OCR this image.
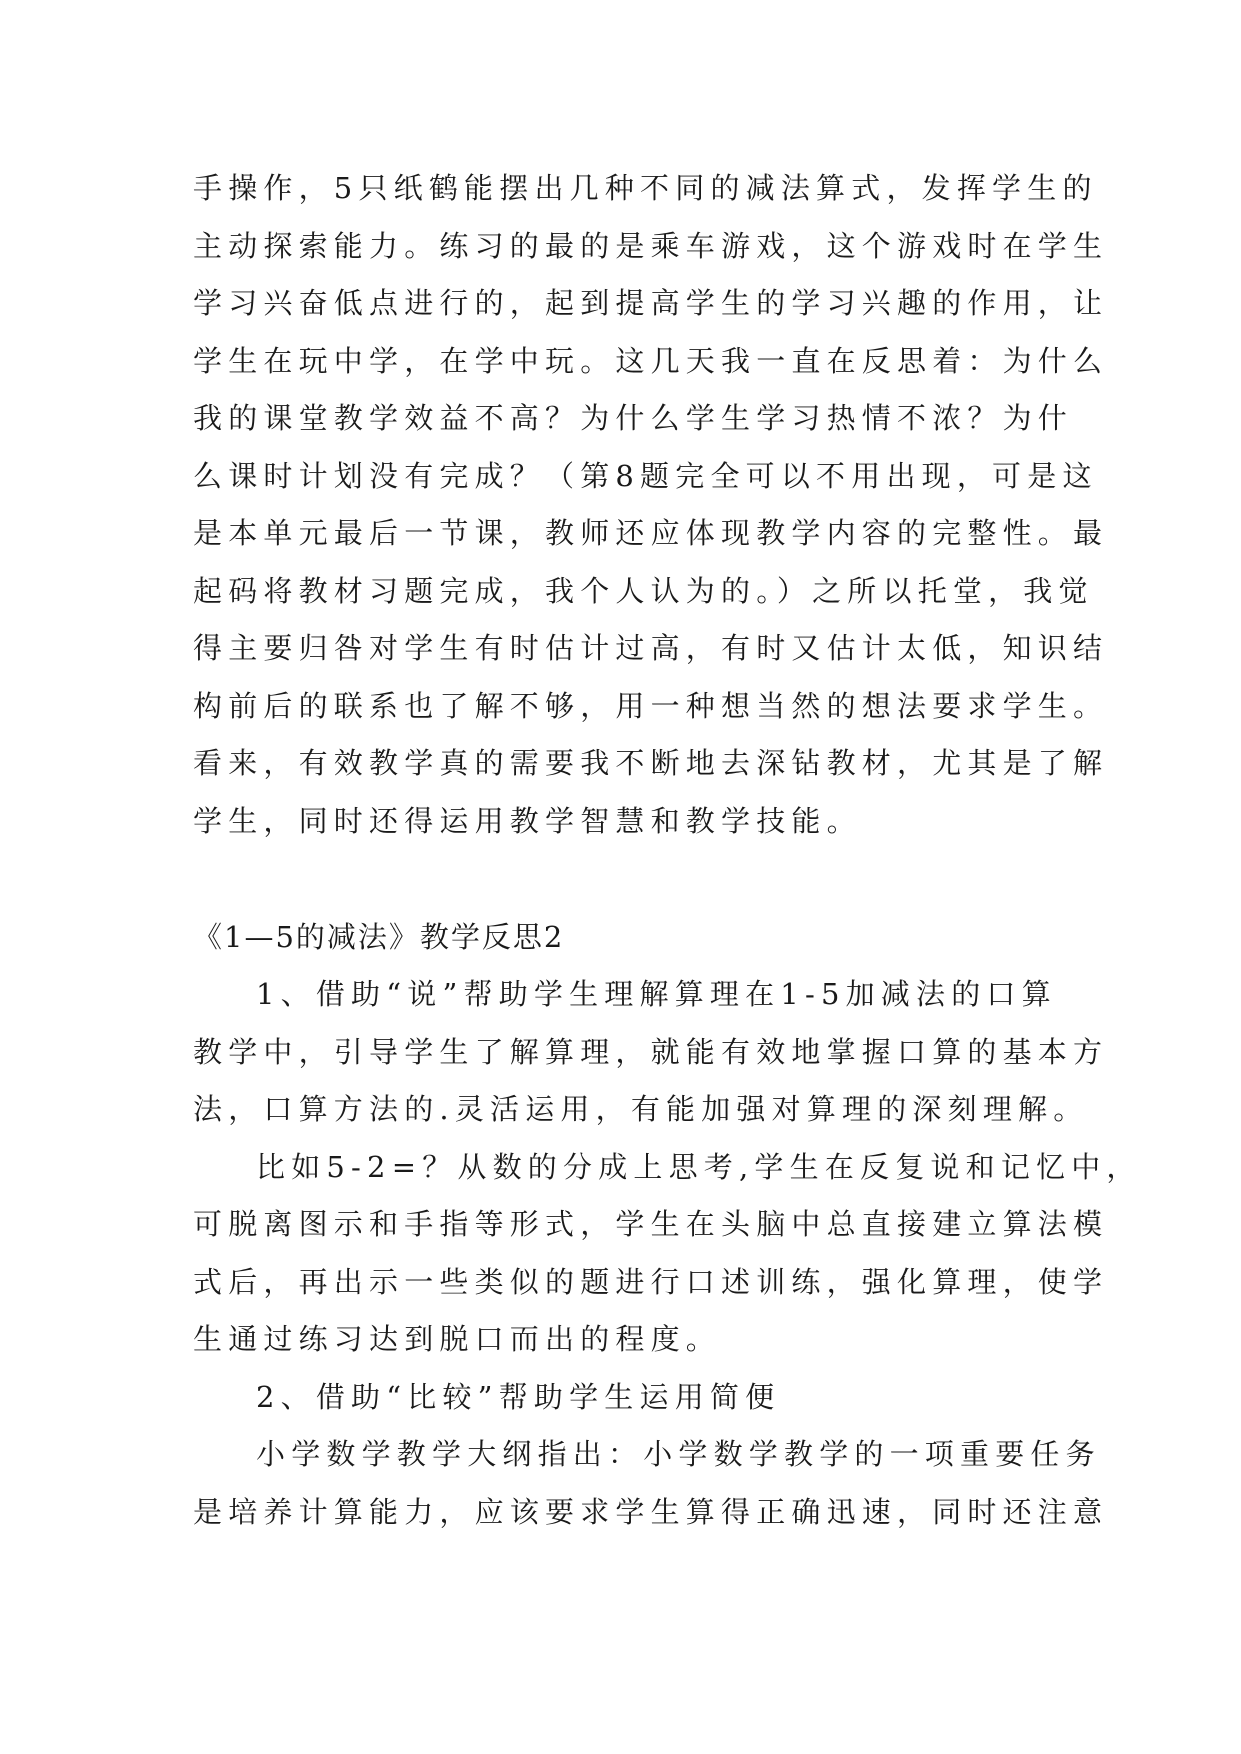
手操作，5只纸鹤能摆出几种不同的减法算式，发挥学生的
主动探索能力。练习的最的是乘车游戏，这个游戏时在学生
学习兴奋低点进行的，起到提高学生的学习兴趣的作用，让
学生在玩中学，在学中玩。这几天我一直在反思着：为什么
我的课堂教学效益不高？为什么学生学习热情不浓？为什
么课时计划没有完成？（第8题完全可以不用出现，可是这
是本单元最后一节课，教师还应体现教学内容的完整性。最
起码将教材习题完成，我个人认为的。）之所以托堂，我觉
得主要归咎对学生有时估计过高，有时又估计太低，知识结
构前后的联系也了解不够，用一种想当然的想法要求学生。
看来，有效教学真的需要我不断地去深钻教材，尤其是了解
学生，同时还得运用教学智慧和教学技能。
《1—5的减法》教学反思2
1、借助“说”帮助学生理解算理在1-5加减法的口算
教学中，引导学生了解算理，就能有效地掌握口算的基本方
法，口算方法的.灵活运用，有能加强对算理的深刻理解。
比如5-2=？从数的分成上思考,学生在反复说和记忆中，
可脱离图示和手指等形式，学生在头脑中总直接建立算法模
式后，再出示一些类似的题进行口述训练，强化算理，使学
生通过练习达到脱口而出的程度。
2、借助“比较”帮助学生运用简便
小学数学教学大纲指出：小学数学教学的一项重要任务
是培养计算能力，应该要求学生算得正确迅速，同时还注意
